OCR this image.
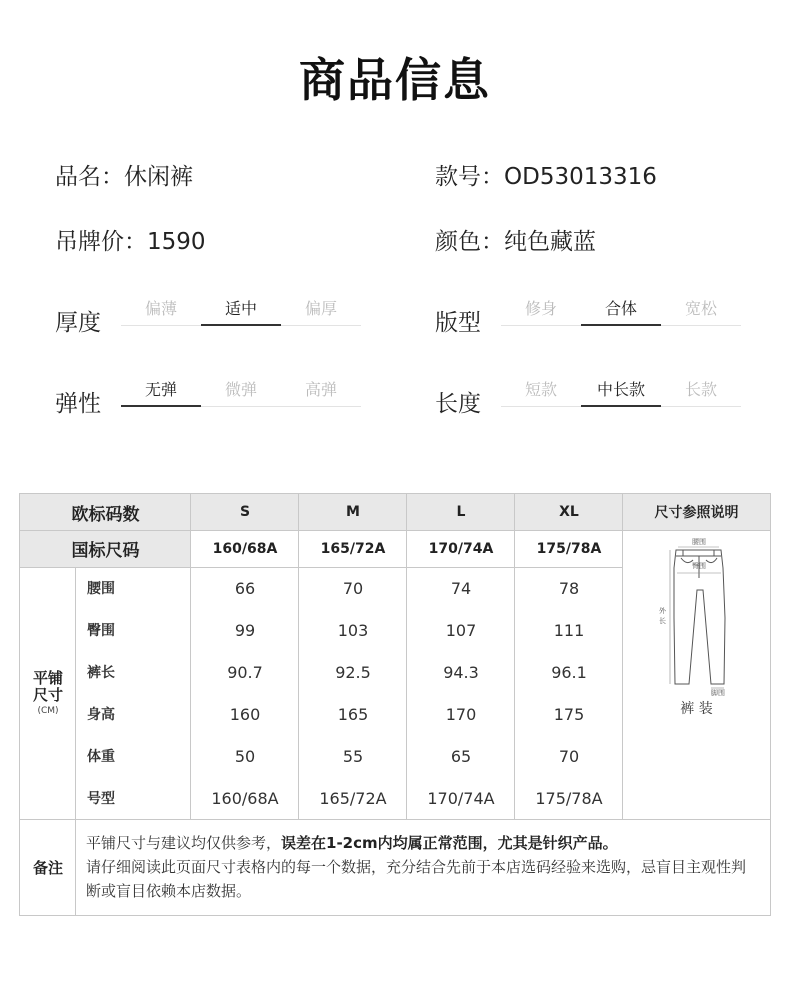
商品信息
品名：休闲裤	款号：OD53013316
吊牌价：1590	颜色：纯色藏蓝
厚度
偏薄	适中	偏厚
版型
修身	合体	宽松
弹性
无弹	微弹	高弹
长度
短款	中长款	长款
欧标码数	S	M	L	XL	尺寸参照说明
国标尺码	160/68A	165/72A	170/74A	175/78A
平铺
尺寸
(CM)
腰围	66	70	74	78
臀围	99	103	107	111
裤长	90.7	92.5	94.3	96.1
身高	160	165	170	175
体重	50	55	65	70
号型	160/68A	165/72A	170/74A	175/78A
腰围
臀围
外
长
脚围
裤 装
备注
平铺尺寸与建议均仅供参考，误差在1-2cm内均属正常范围，尤其是针织产品。
请仔细阅读此页面尺寸表格内的每一个数据，充分结合先前于本店选码经验来选购，忌盲目主观性判断或盲目依赖本店数据。
